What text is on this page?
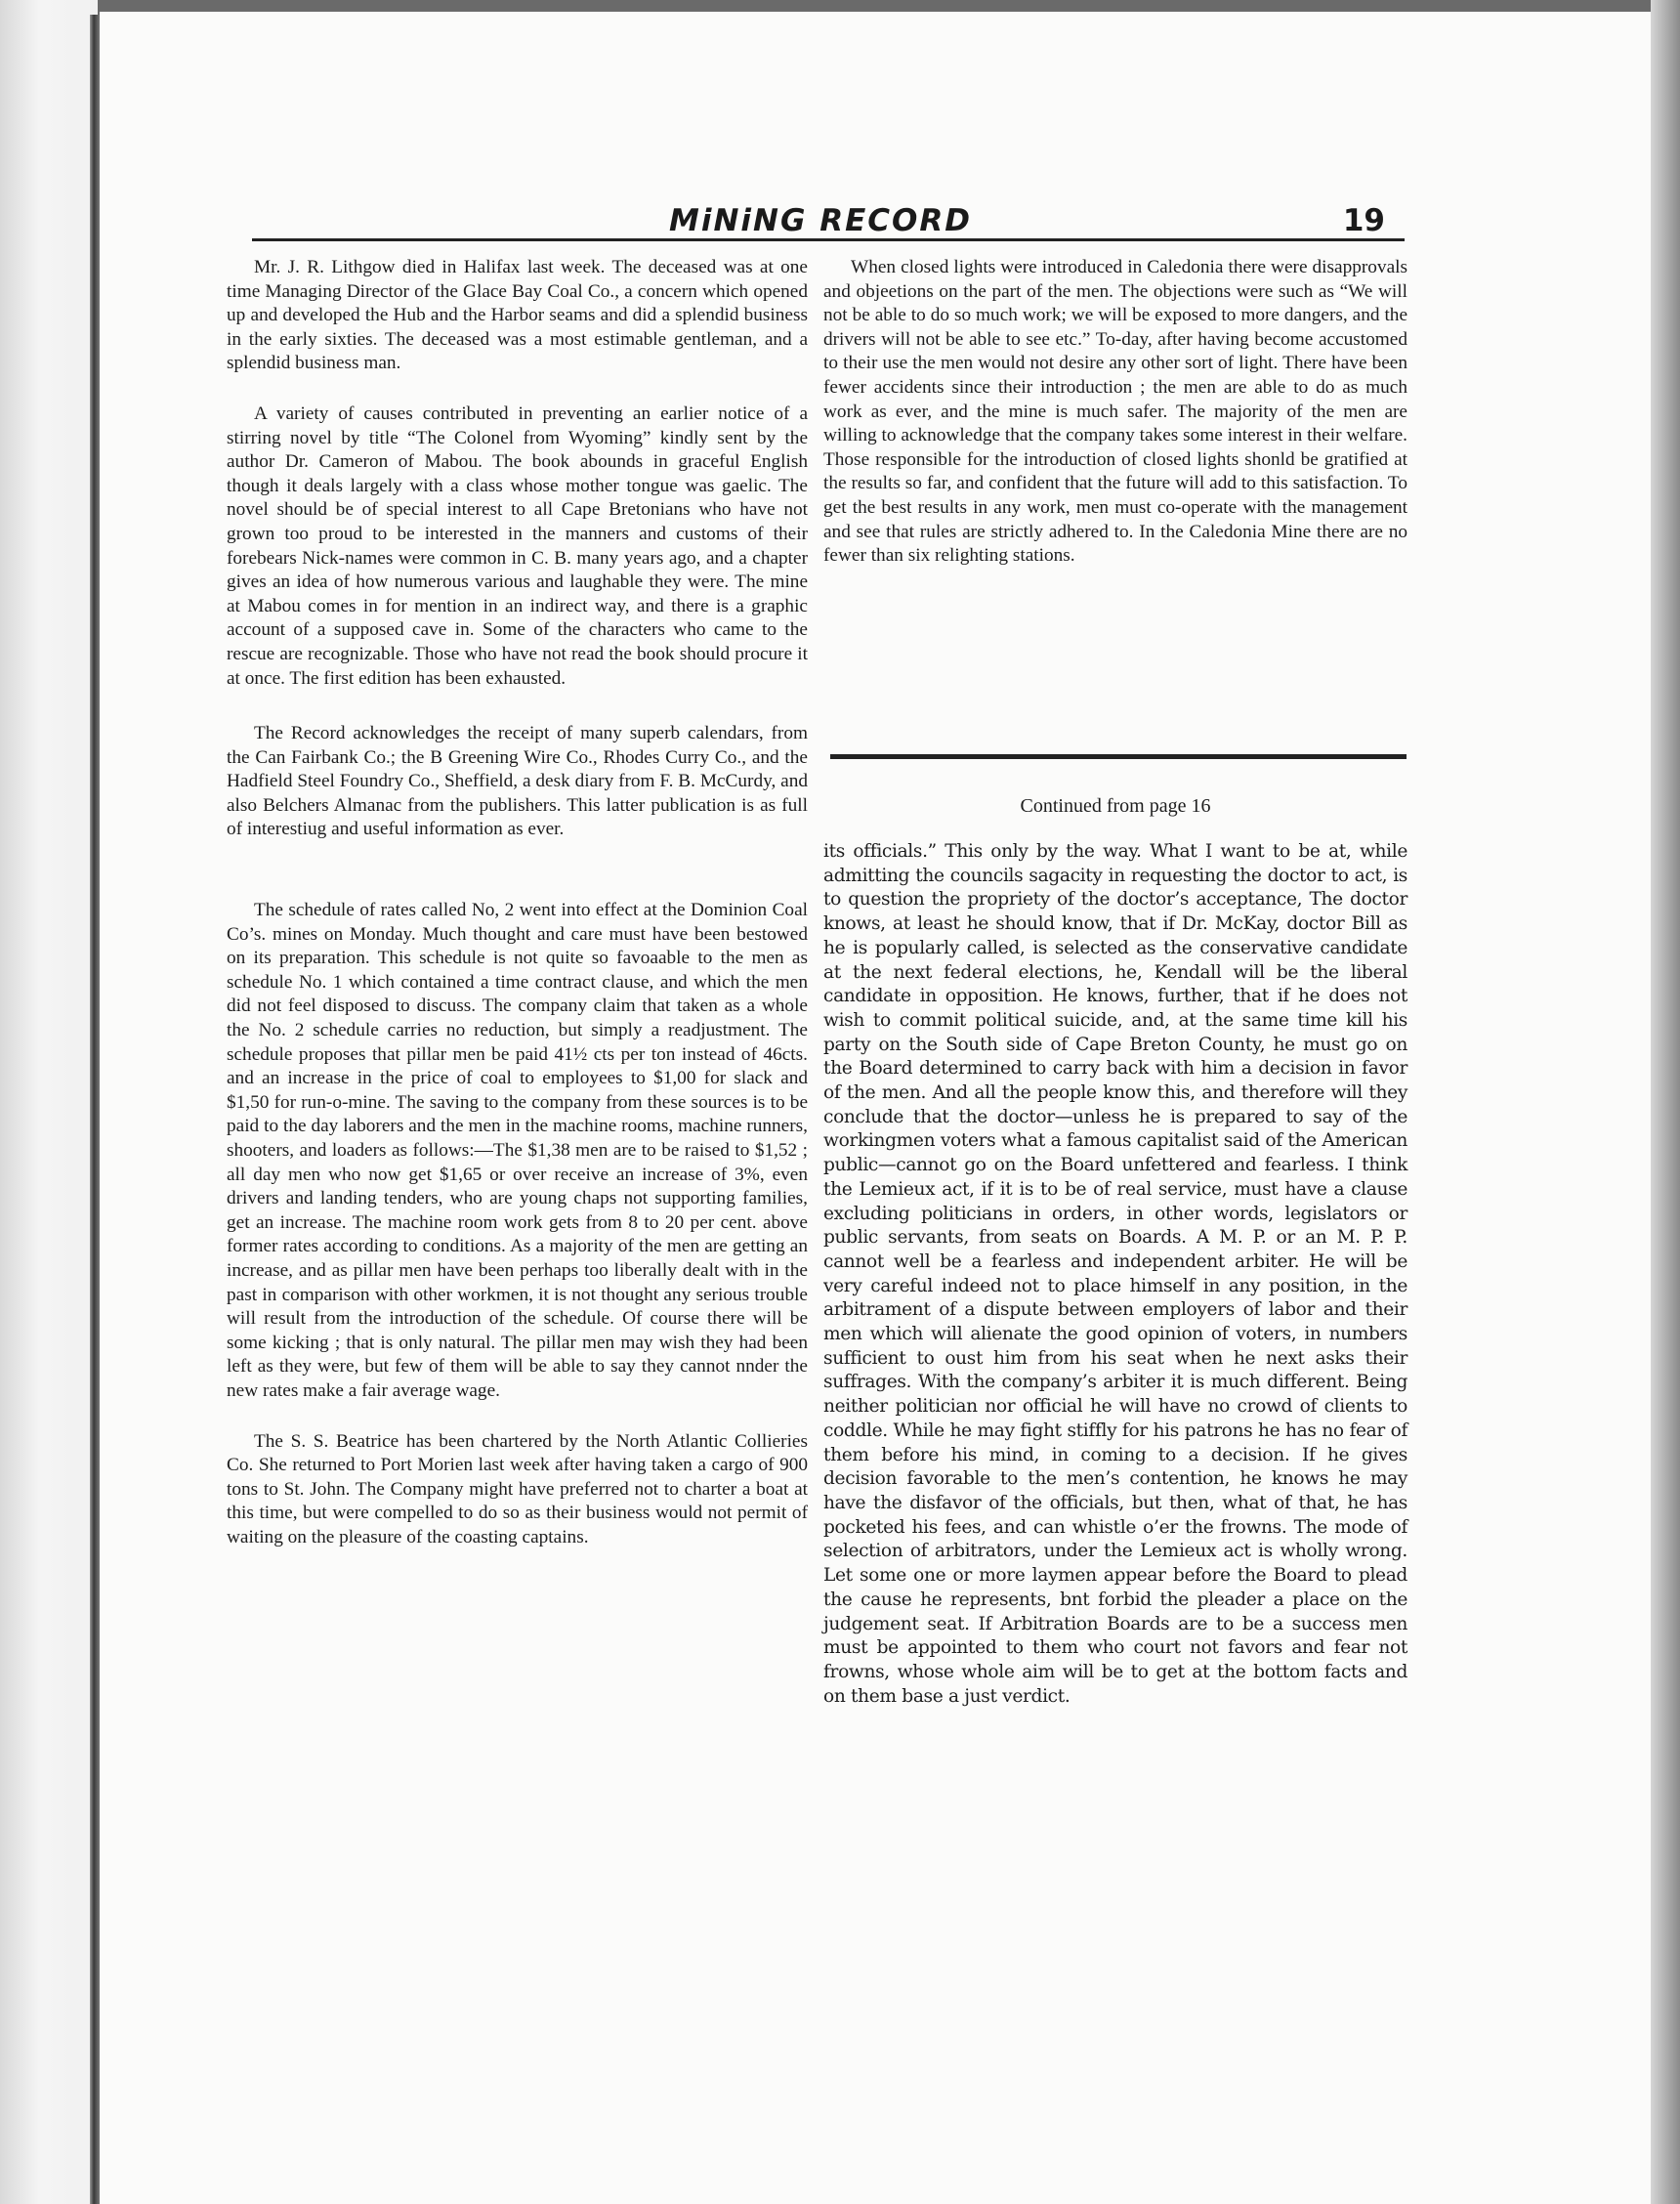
MiNiNG RECORD	19

Mr. J. R. Lithgow died in Halifax last week. The deceased was at one time Managing Director of the Glace Bay Coal Co., a concern which opened up and developed the Hub and the Harbor seams and did a splendid business in the early sixties. The deceased was a most estimable gentleman, and a splendid business man.

A variety of causes contributed in preventing an earlier notice of a stirring novel by title “The Colonel from Wyoming” kindly sent by the author Dr. Cameron of Mabou. The book abounds in graceful English though it deals largely with a class whose mother tongue was gaelic. The novel should be of special interest to all Cape Bretonians who have not grown too proud to be interested in the manners and customs of their forebears Nick-names were common in C. B. many years ago, and a chapter gives an idea of how numerous various and laughable they were. The mine at Mabou comes in for mention in an indirect way, and there is a graphic account of a supposed cave in. Some of the characters who came to the rescue are recognizable. Those who have not read the book should procure it at once. The first edition has been exhausted.

The Record acknowledges the receipt of many superb calendars, from the Can Fairbank Co.; the B Greening Wire Co., Rhodes Curry Co., and the Hadfield Steel Foundry Co., Sheffield, a desk diary from F. B. McCurdy, and also Belchers Almanac from the publishers. This latter publication is as full of interestiug and useful information as ever.

The schedule of rates called No, 2 went into effect at the Dominion Coal Co’s. mines on Monday. Much thought and care must have been bestowed on its preparation. This schedule is not quite so favoaable to the men as schedule No. 1 which contained a time contract clause, and which the men did not feel disposed to discuss. The company claim that taken as a whole the No. 2 schedule carries no reduction, but simply a readjustment. The schedule proposes that pillar men be paid 41½ cts per ton instead of 46cts. and an increase in the price of coal to employees to $1,00 for slack and $1,50 for run-o-mine. The saving to the company from these sources is to be paid to the day laborers and the men in the machine rooms, machine runners, shooters, and loaders as follows:—The $1,38 men are to be raised to $1,52 ; all day men who now get $1,65 or over receive an increase of 3%, even drivers and landing tenders, who are young chaps not supporting families, get an increase. The machine room work gets from 8 to 20 per cent. above former rates according to conditions. As a majority of the men are getting an increase, and as pillar men have been perhaps too liberally dealt with in the past in comparison with other workmen, it is not thought any serious trouble will result from the introduction of the schedule. Of course there will be some kicking ; that is only natural. The pillar men may wish they had been left as they were, but few of them will be able to say they cannot nnder the new rates make a fair average wage.

The S. S. Beatrice has been chartered by the North Atlantic Collieries Co. She returned to Port Morien last week after having taken a cargo of 900 tons to St. John. The Company might have preferred not to charter a boat at this time, but were compelled to do so as their business would not permit of waiting on the pleasure of the coasting captains.

When closed lights were introduced in Caledonia there were disapprovals and objeetions on the part of the men. The objections were such as “We will not be able to do so much work; we will be exposed to more dangers, and the drivers will not be able to see etc.” To-day, after having become accustomed to their use the men would not desire any other sort of light. There have been fewer accidents since their introduction ; the men are able to do as much work as ever, and the mine is much safer. The majority of the men are willing to acknowledge that the company takes some interest in their welfare. Those responsible for the introduction of closed lights shonld be gratified at the results so far, and confident that the future will add to this satisfaction. To get the best results in any work, men must co-operate with the management and see that rules are strictly adhered to. In the Caledonia Mine there are no fewer than six relighting stations.

Continued from page 16

its officials.” This only by the way. What I want to be at, while admitting the councils sagacity in requesting the doctor to act, is to question the propriety of the doctor’s acceptance, The doctor knows, at least he should know, that if Dr. McKay, doctor Bill as he is popularly called, is selected as the conservative candidate at the next federal elections, he, Kendall will be the liberal candidate in opposition. He knows, further, that if he does not wish to commit political suicide, and, at the same time kill his party on the South side of Cape Breton County, he must go on the Board determined to carry back with him a decision in favor of the men. And all the people know this, and therefore will they conclude that the doctor—unless he is prepared to say of the workingmen voters what a famous capitalist said of the American public—cannot go on the Board unfettered and fearless. I think the Lemieux act, if it is to be of real service, must have a clause excluding politicians in orders, in other words, legislators or public servants, from seats on Boards. A M. P. or an M. P. P. cannot well be a fearless and independent arbiter. He will be very careful indeed not to place himself in any position, in the arbitrament of a dispute between employers of labor and their men which will alienate the good opinion of voters, in numbers sufficient to oust him from his seat when he next asks their suffrages. With the company’s arbiter it is much different. Being neither politician nor official he will have no crowd of clients to coddle. While he may fight stiffly for his patrons he has no fear of them before his mind, in coming to a decision. If he gives decision favorable to the men’s contention, he knows he may have the disfavor of the officials, but then, what of that, he has pocketed his fees, and can whistle o’er the frowns. The mode of selection of arbitrators, under the Lemieux act is wholly wrong. Let some one or more laymen appear before the Board to plead the cause he represents, bnt forbid the pleader a place on the judgement seat. If Arbitration Boards are to be a success men must be appointed to them who court not favors and fear not frowns, whose whole aim will be to get at the bottom facts and on them base a just verdict.
